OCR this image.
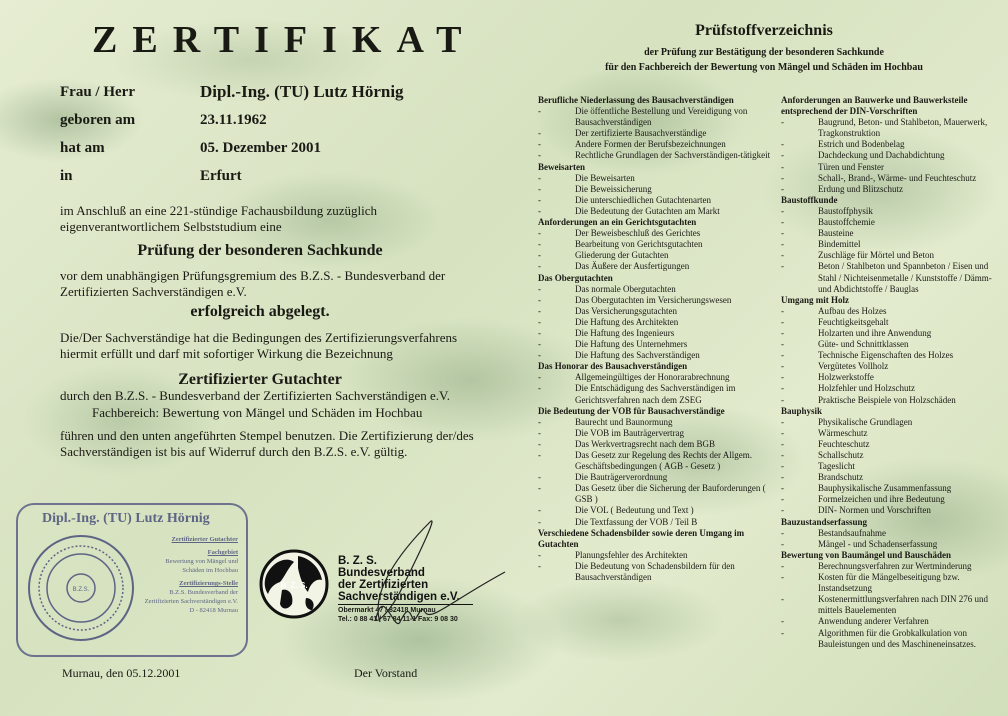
ZERTIFIKAT
Frau / Herr	Dipl.-Ing. (TU) Lutz Hörnig
geboren am	23.11.1962
hat am	05. Dezember 2001
in	Erfurt
im Anschluß an eine 221-stündige Fachausbildung zuzüglich eigenverantwortlichem Selbststudium eine
Prüfung der besonderen Sachkunde
vor dem unabhängigen Prüfungsgremium des B.Z.S. - Bundesverband der Zertifizierten Sachverständigen e.V.
erfolgreich abgelegt.
Die/Der Sachverständige hat die Bedingungen des Zertifizierungsverfahrens hiermit erfüllt und darf mit sofortiger Wirkung die Bezeichnung
Zertifizierter Gutachter
durch den B.Z.S. - Bundesverband der Zertifizierten Sachverständigen e.V.
Fachbereich: Bewertung von Mängel und Schäden im Hochbau
führen und den unten angeführten Stempel benutzen. Die Zertifizierung der/des Sachverständigen ist bis auf Widerruf durch den B.Z.S. e.V. gültig.
Dipl.-Ing. (TU) Lutz Hörnig
B.Z.S.
Zertifizierter Gutachter
Fachgebiet
Bewertung von Mängel und
Schäden im Hochbau
Zertifizierungs-Stelle
B.Z.S. Bundesverband der
Zertifizierten Sachverständigen e.V.
D - 82418 Murnau
Murnau, den 05.12.2001
B. Z. S.
B. Z. S.
Bundesverband
der Zertifizierten
Sachverständigen e.V.
Obermarkt 47 / 82418 Murnau
Tel.: 0 88 41 / 67 84 11-1 Fax: 9 08 30
Der Vorstand
Prüfstoffverzeichnis
der Prüfung zur Bestätigung der besonderen Sachkunde
für den Fachbereich der Bewertung von Mängel und Schäden im Hochbau
Berufliche Niederlassung des Bausachverständigen
-	Die öffentliche Bestellung und Vereidigung von Bausachverständigen
-	Der zertifizierte Bausachverständige
-	Andere Formen der Berufsbezeichnungen
-	Rechtliche Grundlagen der Sachverständigen-tätigkeit
Beweisarten
-	Die Beweisarten
-	Die Beweissicherung
-	Die unterschiedlichen Gutachtenarten
-	Die Bedeutung der Gutachten am Markt
Anforderungen an ein Gerichtsgutachten
-	Der Beweisbeschluß des Gerichtes
-	Bearbeitung von Gerichtsgutachten
-	Gliederung der Gutachten
-	Das Äußere der Ausfertigungen
Das Obergutachten
-	Das normale Obergutachten
-	Das Obergutachten im Versicherungswesen
-	Das Versicherungsgutachten
-	Die Haftung des Architekten
-	Die Haftung des Ingenieurs
-	Die Haftung des Unternehmers
-	Die Haftung des Sachverständigen
Das Honorar des Bausachverständigen
-	Allgemeingültiges der Honorarabrechnung
-	Die Entschädigung des Sachverständigen im Gerichtsverfahren nach dem ZSEG
Die Bedeutung der VOB für Bausachverständige
-	Baurecht und Baunormung
-	Die VOB im Bauträgervertrag
-	Das Werkvertragsrecht nach dem BGB
-	Das Gesetz zur Regelung des Rechts der Allgem. Geschäftsbedingungen ( AGB - Gesetz )
-	Die Bauträgerverordnung
-	Das Gesetz über die Sicherung der Bauforderungen ( GSB )
-	Die VOL ( Bedeutung und Text )
-	Die Textfassung der VOB / Teil B
Verschiedene Schadensbilder sowie deren Umgang im Gutachten
-	Planungsfehler des Architekten
-	Die Bedeutung von Schadensbildern für den Bausachverständigen
Anforderungen an Bauwerke und Bauwerksteile entsprechend der DIN-Vorschriften
-	Baugrund, Beton- und Stahlbeton, Mauerwerk, Tragkonstruktion
-	Estrich und Bodenbelag
-	Dachdeckung und Dachabdichtung
-	Türen und Fenster
-	Schall-, Brand-, Wärme- und Feuchteschutz
-	Erdung und Blitzschutz
Baustoffkunde
-	Baustoffphysik
-	Baustoffchemie
-	Bausteine
-	Bindemittel
-	Zuschläge für Mörtel und Beton
-	Beton / Stahlbeton und Spannbeton / Eisen und Stahl / Nichteisenmetalle / Kunststoffe / Dämm- und Abdichtstoffe / Bauglas
Umgang mit Holz
-	Aufbau des Holzes
-	Feuchtigkeitsgehalt
-	Holzarten und ihre Anwendung
-	Güte- und Schnittklassen
-	Technische Eigenschaften des Holzes
-	Vergütetes Vollholz
-	Holzwerkstoffe
-	Holzfehler und Holzschutz
-	Praktische Beispiele von Holzschäden
Bauphysik
-	Physikalische Grundlagen
-	Wärmeschutz
-	Feuchteschutz
-	Schallschutz
-	Tageslicht
-	Brandschutz
-	Bauphysikalische Zusammenfassung
-	Formelzeichen und ihre Bedeutung
-	DIN- Normen und Vorschriften
Bauzustandserfassung
-	Bestandsaufnahme
-	Mängel - und Schadenserfassung
Bewertung von Baumängel und Bauschäden
-	Berechnungsverfahren zur Wertminderung
-	Kosten für die Mängelbeseitigung bzw. Instandsetzung
-	Kostenermittlungsverfahren nach DIN 276 und mittels Bauelementen
-	Anwendung anderer Verfahren
-	Algorithmen für die Grobkalkulation von Bauleistungen und des Maschineneinsatzes.
